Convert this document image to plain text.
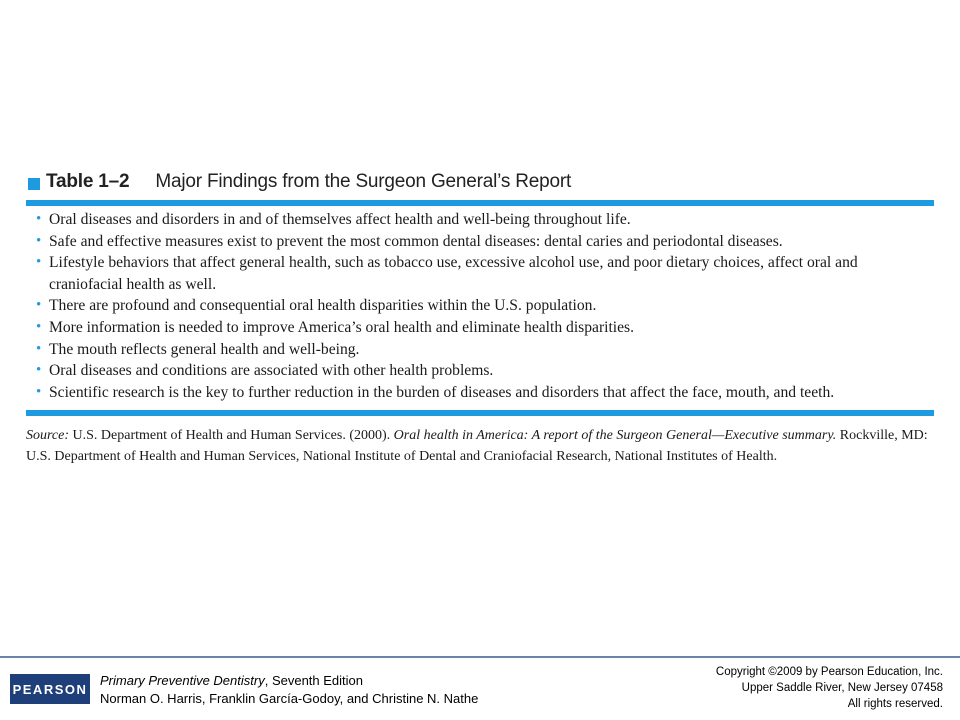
Table 1–2 Major Findings from the Surgeon General’s Report
• Oral diseases and disorders in and of themselves affect health and well-being throughout life.
• Safe and effective measures exist to prevent the most common dental diseases: dental caries and periodontal diseases.
• Lifestyle behaviors that affect general health, such as tobacco use, excessive alcohol use, and poor dietary choices, affect oral and craniofacial health as well.
• There are profound and consequential oral health disparities within the U.S. population.
• More information is needed to improve America’s oral health and eliminate health disparities.
• The mouth reflects general health and well-being.
• Oral diseases and conditions are associated with other health problems.
• Scientific research is the key to further reduction in the burden of diseases and disorders that affect the face, mouth, and teeth.
Source: U.S. Department of Health and Human Services. (2000). Oral health in America: A report of the Surgeon General—Executive summary. Rockville, MD: U.S. Department of Health and Human Services, National Institute of Dental and Craniofacial Research, National Institutes of Health.
PEARSON
Primary Preventive Dentistry, Seventh Edition
Norman O. Harris, Franklin García-Godoy, and Christine N. Nathe
Copyright ©2009 by Pearson Education, Inc.
Upper Saddle River, New Jersey 07458
All rights reserved.
